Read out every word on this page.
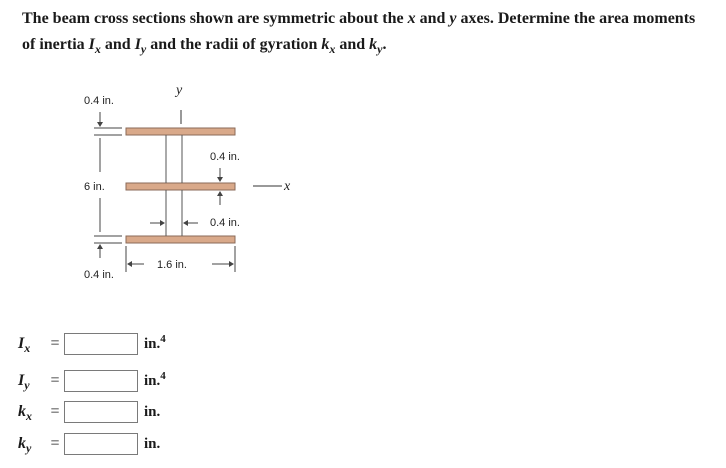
The beam cross sections shown are symmetric about the x and y axes. Determine the area moments of inertia $I_x$ and $I_y$ and the radii of gyration $k_x$ and $k_y$.
y
x
0.4 in.
6 in.
0.4 in.
0.4 in.
0.4 in.
1.6 in.
$I_x$	=	in.$^4$
$I_y$	=	in.$^4$
$k_x$	=	in.
$k_y$	=	in.
